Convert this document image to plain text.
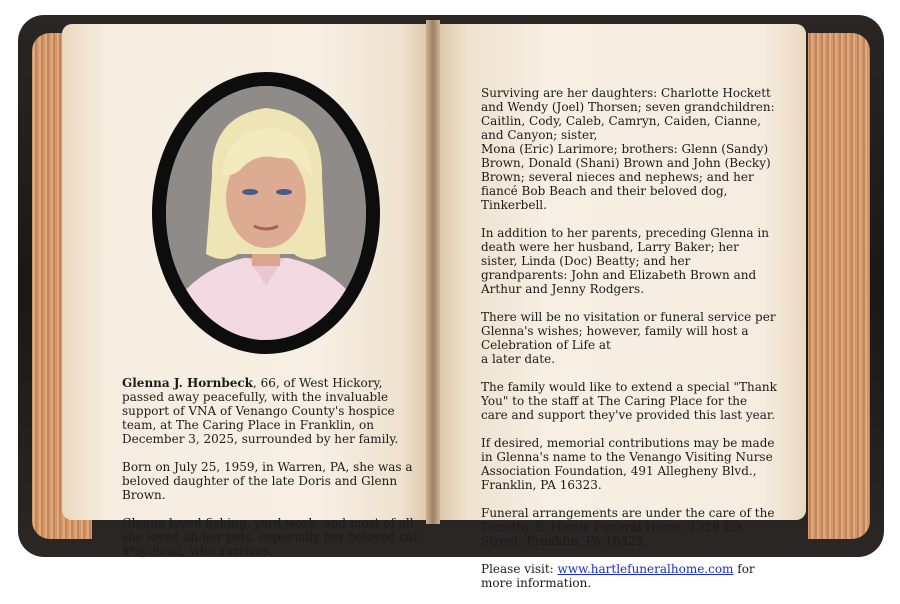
Glenna J. Hornbeck, 66, of West Hickory, passed away peacefully, with the invaluable support of VNA of Venango County's hospice team, at The Caring Place in Franklin, on December 3, 2025, surrounded by her family.

Born on July 25, 1959, in Warren, PA, she was a beloved daughter of the late Doris and Glenn Brown.

Glenna loved fishing, yard work, and most of all she loved all her pets, especially her beloved cat, $*@!head, who survives.

Surviving are her daughters: Charlotte Hockett and Wendy (Joel) Thorsen; seven grandchildren: Caitlin, Cody, Caleb, Camryn, Caiden, Cianne, and Canyon; sister,
Mona (Eric) Larimore; brothers: Glenn (Sandy) Brown, Donald (Shani) Brown and John (Becky) Brown; several nieces and nephews; and her fiancé Bob Beach and their beloved dog, Tinkerbell.

In addition to her parents, preceding Glenna in death were her husband, Larry Baker; her sister, Linda (Doc) Beatty; and her grandparents: John and Elizabeth Brown and Arthur and Jenny Rodgers.

There will be no visitation or funeral service per Glenna's wishes; however, family will host a Celebration of Life at
a later date.

The family would like to extend a special "Thank You" to the staff at The Caring Place for the care and support they've provided this last year.

If desired, memorial contributions may be made in Glenna's name to the Venango Visiting Nurse Association Foundation, 491 Allegheny Blvd., Franklin, PA 16323.

Funeral arrangements are under the care of the Timothy E. Hartle Funeral Home, 1328 Elk Street, Franklin, PA 16323.

Please visit: www.hartlefuneralhome.com for more information.
